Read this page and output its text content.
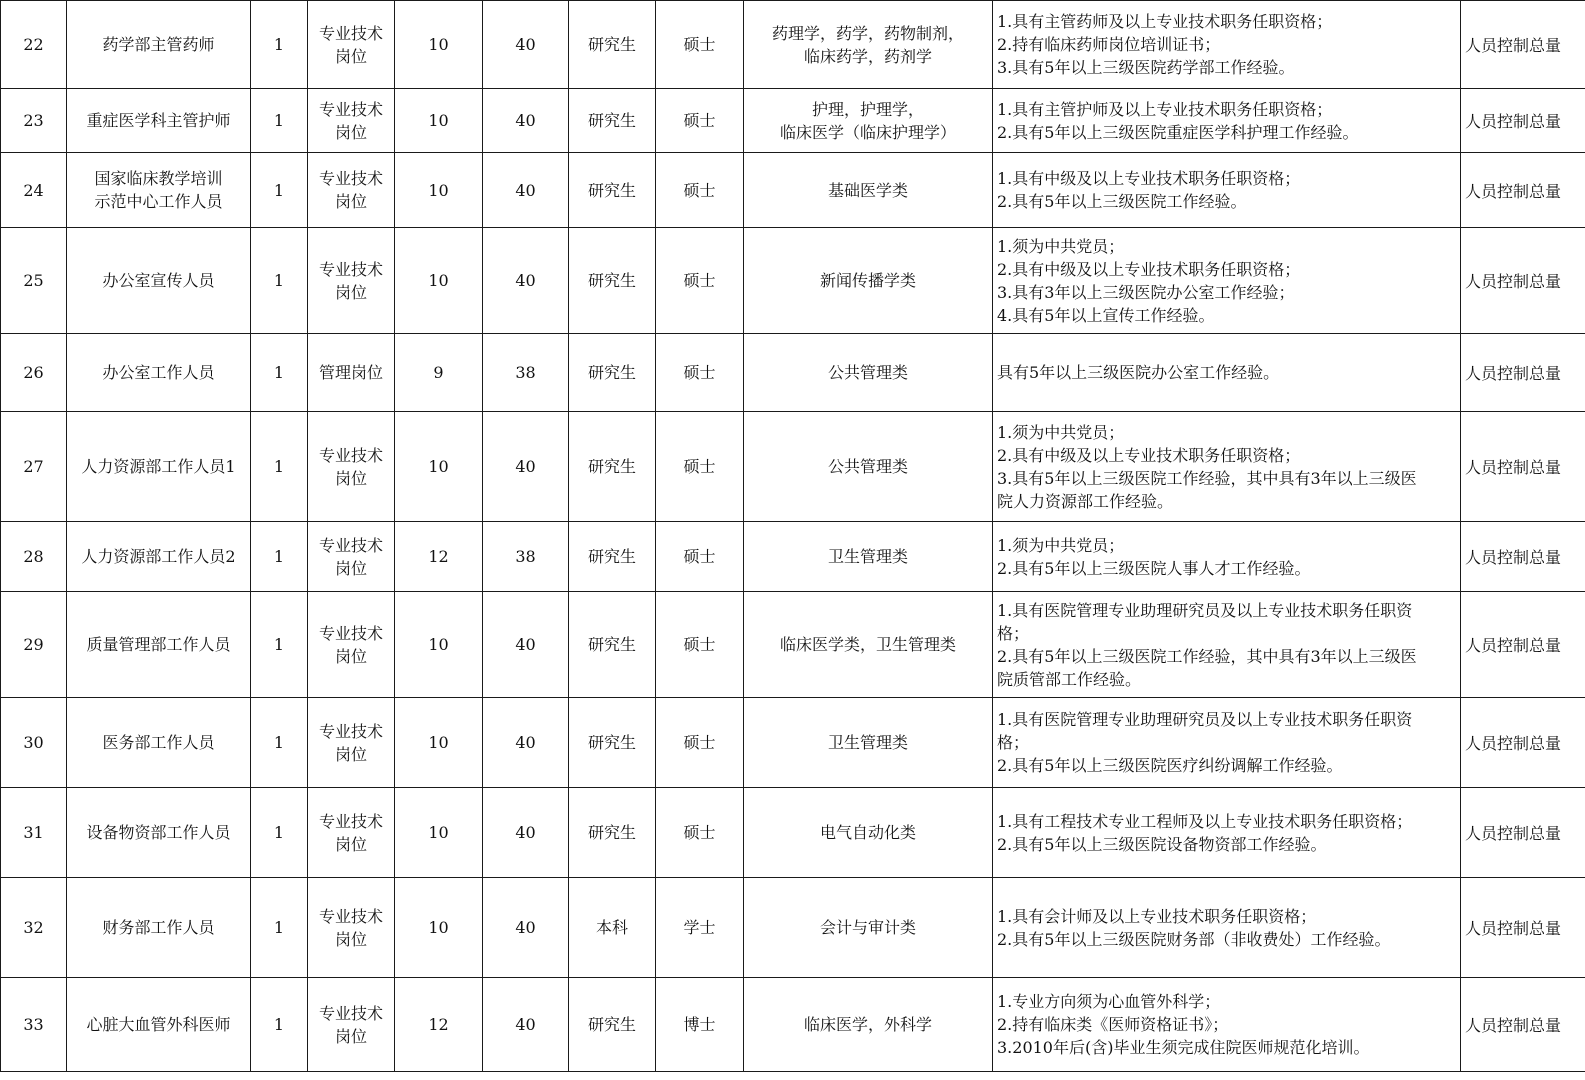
22	药学部主管药师	1	专业技术
岗位	10	40	研究生	硕士	药理学，药学，药物制剂，
临床药学，药剂学	1.具有主管药师及以上专业技术职务任职资格；
2.持有临床药师岗位培训证书；
3.具有5年以上三级医院药学部工作经验。	人员控制总量
23	重症医学科主管护师	1	专业技术
岗位	10	40	研究生	硕士	护理，护理学，
临床医学（临床护理学）	1.具有主管护师及以上专业技术职务任职资格；
2.具有5年以上三级医院重症医学科护理工作经验。	人员控制总量
24	国家临床教学培训
示范中心工作人员	1	专业技术
岗位	10	40	研究生	硕士	基础医学类	1.具有中级及以上专业技术职务任职资格；
2.具有5年以上三级医院工作经验。	人员控制总量
25	办公室宣传人员	1	专业技术
岗位	10	40	研究生	硕士	新闻传播学类	1.须为中共党员；
2.具有中级及以上专业技术职务任职资格；
3.具有3年以上三级医院办公室工作经验；
4.具有5年以上宣传工作经验。	人员控制总量
26	办公室工作人员	1	管理岗位	9	38	研究生	硕士	公共管理类	具有5年以上三级医院办公室工作经验。	人员控制总量
27	人力资源部工作人员1	1	专业技术
岗位	10	40	研究生	硕士	公共管理类	1.须为中共党员；
2.具有中级及以上专业技术职务任职资格；
3.具有5年以上三级医院工作经验，其中具有3年以上三级医
院人力资源部工作经验。	人员控制总量
28	人力资源部工作人员2	1	专业技术
岗位	12	38	研究生	硕士	卫生管理类	1.须为中共党员；
2.具有5年以上三级医院人事人才工作经验。	人员控制总量
29	质量管理部工作人员	1	专业技术
岗位	10	40	研究生	硕士	临床医学类，卫生管理类	1.具有医院管理专业助理研究员及以上专业技术职务任职资
格；
2.具有5年以上三级医院工作经验，其中具有3年以上三级医
院质管部工作经验。	人员控制总量
30	医务部工作人员	1	专业技术
岗位	10	40	研究生	硕士	卫生管理类	1.具有医院管理专业助理研究员及以上专业技术职务任职资
格；
2.具有5年以上三级医院医疗纠纷调解工作经验。	人员控制总量
31	设备物资部工作人员	1	专业技术
岗位	10	40	研究生	硕士	电气自动化类	1.具有工程技术专业工程师及以上专业技术职务任职资格；
2.具有5年以上三级医院设备物资部工作经验。	人员控制总量
32	财务部工作人员	1	专业技术
岗位	10	40	本科	学士	会计与审计类	1.具有会计师及以上专业技术职务任职资格；
2.具有5年以上三级医院财务部（非收费处）工作经验。	人员控制总量
33	心脏大血管外科医师	1	专业技术
岗位	12	40	研究生	博士	临床医学，外科学	1.专业方向须为心血管外科学；
2.持有临床类《医师资格证书》；
3.2010年后(含)毕业生须完成住院医师规范化培训。	人员控制总量
